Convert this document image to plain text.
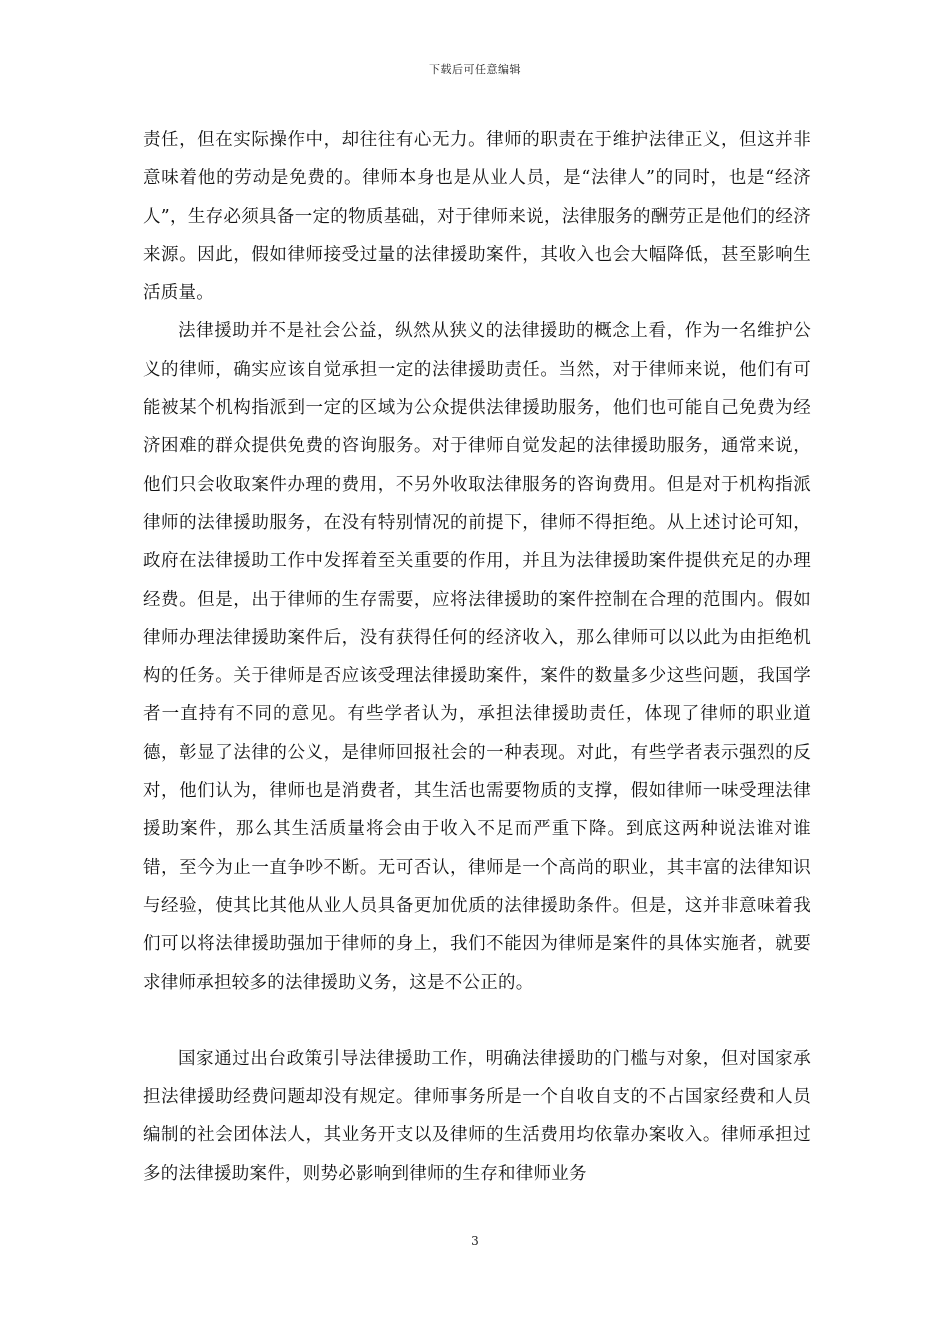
下载后可任意编辑

责任，但在实际操作中，却往往有心无力。律师的职责在于维护法律正义，但这并非意味着他的劳动是免费的。律师本身也是从业人员，是“法律人”的同时，也是“经济人”，生存必须具备一定的物质基础，对于律师来说，法律服务的酬劳正是他们的经济来源。因此，假如律师接受过量的法律援助案件，其收入也会大幅降低，甚至影响生活质量。

法律援助并不是社会公益，纵然从狭义的法律援助的概念上看，作为一名维护公义的律师，确实应该自觉承担一定的法律援助责任。当然，对于律师来说，他们有可能被某个机构指派到一定的区域为公众提供法律援助服务，他们也可能自己免费为经济困难的群众提供免费的咨询服务。对于律师自觉发起的法律援助服务，通常来说，他们只会收取案件办理的费用，不另外收取法律服务的咨询费用。但是对于机构指派律师的法律援助服务，在没有特别情况的前提下，律师不得拒绝。从上述讨论可知，政府在法律援助工作中发挥着至关重要的作用，并且为法律援助案件提供充足的办理经费。但是，出于律师的生存需要，应将法律援助的案件控制在合理的范围内。假如律师办理法律援助案件后，没有获得任何的经济收入，那么律师可以以此为由拒绝机构的任务。关于律师是否应该受理法律援助案件，案件的数量多少这些问题，我国学者一直持有不同的意见。有些学者认为，承担法律援助责任，体现了律师的职业道德，彰显了法律的公义，是律师回报社会的一种表现。对此，有些学者表示强烈的反对，他们认为，律师也是消费者，其生活也需要物质的支撑，假如律师一味受理法律援助案件，那么其生活质量将会由于收入不足而严重下降。到底这两种说法谁对谁错，至今为止一直争吵不断。无可否认，律师是一个高尚的职业，其丰富的法律知识与经验，使其比其他从业人员具备更加优质的法律援助条件。但是，这并非意味着我们可以将法律援助强加于律师的身上，我们不能因为律师是案件的具体实施者，就要求律师承担较多的法律援助义务，这是不公正的。

国家通过出台政策引导法律援助工作，明确法律援助的门槛与对象，但对国家承担法律援助经费问题却没有规定。律师事务所是一个自收自支的不占国家经费和人员编制的社会团体法人，其业务开支以及律师的生活费用均依靠办案收入。律师承担过多的法律援助案件，则势必影响到律师的生存和律师业务

3
